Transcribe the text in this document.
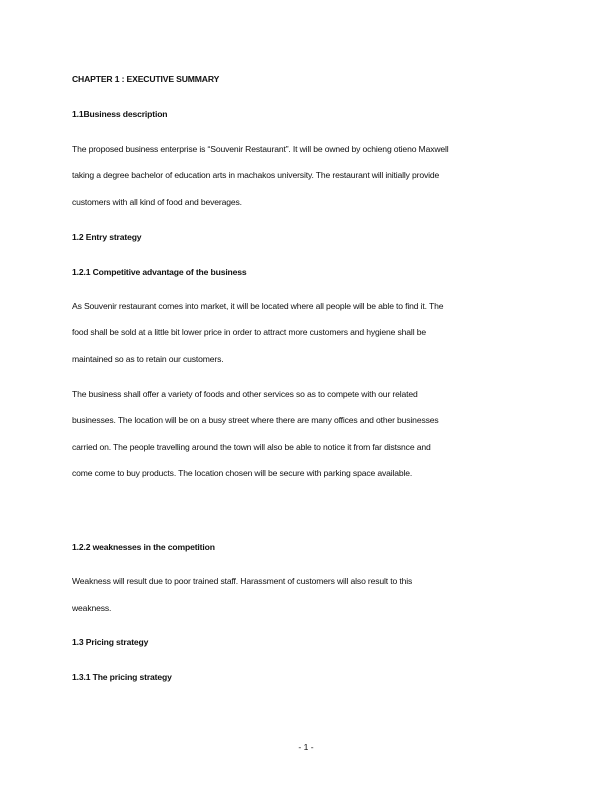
CHAPTER 1 : EXECUTIVE SUMMARY
1.1Business description
The proposed business enterprise is “Souvenir Restaurant”. It will be owned by ochieng otieno Maxwell
taking a degree bachelor of education arts in machakos university. The restaurant will initially provide
customers with all kind of food and beverages.
1.2 Entry strategy
1.2.1 Competitive advantage of the business
As Souvenir restaurant comes into market, it will be located where all people will be able to find it. The
food shall be sold at a little bit lower price in order to attract more customers and hygiene shall be
maintained so as to retain our customers.
The business shall offer a variety of foods and other services so as to compete with our related
businesses. The location will be on a busy street where there are many offices and other businesses
carried on. The people travelling around the town will also be able to notice it from far distsnce and
come come to buy products. The location chosen will be secure with parking space available.
1.2.2 weaknesses in the competition
Weakness will result due to poor trained staff. Harassment of customers will also result to this
weakness.
1.3 Pricing strategy
1.3.1 The pricing strategy
- 1 -
